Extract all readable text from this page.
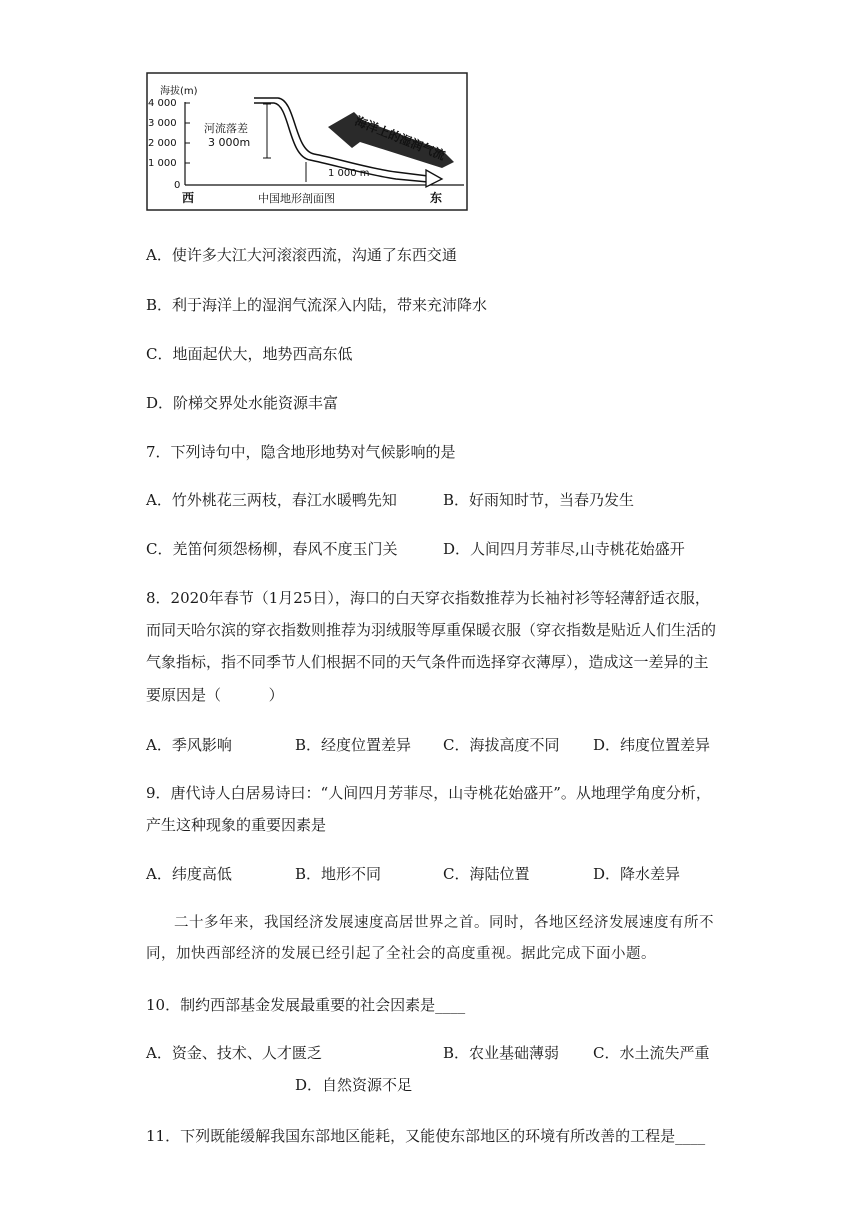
海拔(m)
4 000
3 000
2 000
1 000
0
河流落差
3 000m
1 000 m
海洋上的湿润气流
西	东
中国地形剖面图
A．使许多大江大河滚滚西流，沟通了东西交通
B．利于海洋上的湿润气流深入内陆，带来充沛降水
C．地面起伏大，地势西高东低
D．阶梯交界处水能资源丰富
7．下列诗句中，隐含地形地势对气候影响的是
A．竹外桃花三两枝，春江水暖鸭先知	B．好雨知时节，当春乃发生
C．羌笛何须怨杨柳，春风不度玉门关	D．人间四月芳菲尽,山寺桃花始盛开
8．2020年春节（1月25日），海口的白天穿衣指数推荐为长袖衬衫等轻薄舒适衣服，
而同天哈尔滨的穿衣指数则推荐为羽绒服等厚重保暖衣服（穿衣指数是贴近人们生活的
气象指标，指不同季节人们根据不同的天气条件而选择穿衣薄厚），造成这一差异的主
要原因是（          ）
A．季风影响	B．经度位置差异 C．海拔高度不同 D．纬度位置差异
9．唐代诗人白居易诗曰：“人间四月芳菲尽，山寺桃花始盛开”。从地理学角度分析，
产生这种现象的重要因素是
A．纬度高低	B．地形不同	C．海陆位置	D．降水差异
二十多年来，我国经济发展速度高居世界之首。同时，各地区经济发展速度有所不
同，加快西部经济的发展已经引起了全社会的高度重视。据此完成下面小题。
10．制约西部基金发展最重要的社会因素是____
A．资金、技术、人才匮乏	B．农业基础薄弱 C．水土流失严重
D．自然资源不足
11．下列既能缓解我国东部地区能耗，又能使东部地区的环境有所改善的工程是____
